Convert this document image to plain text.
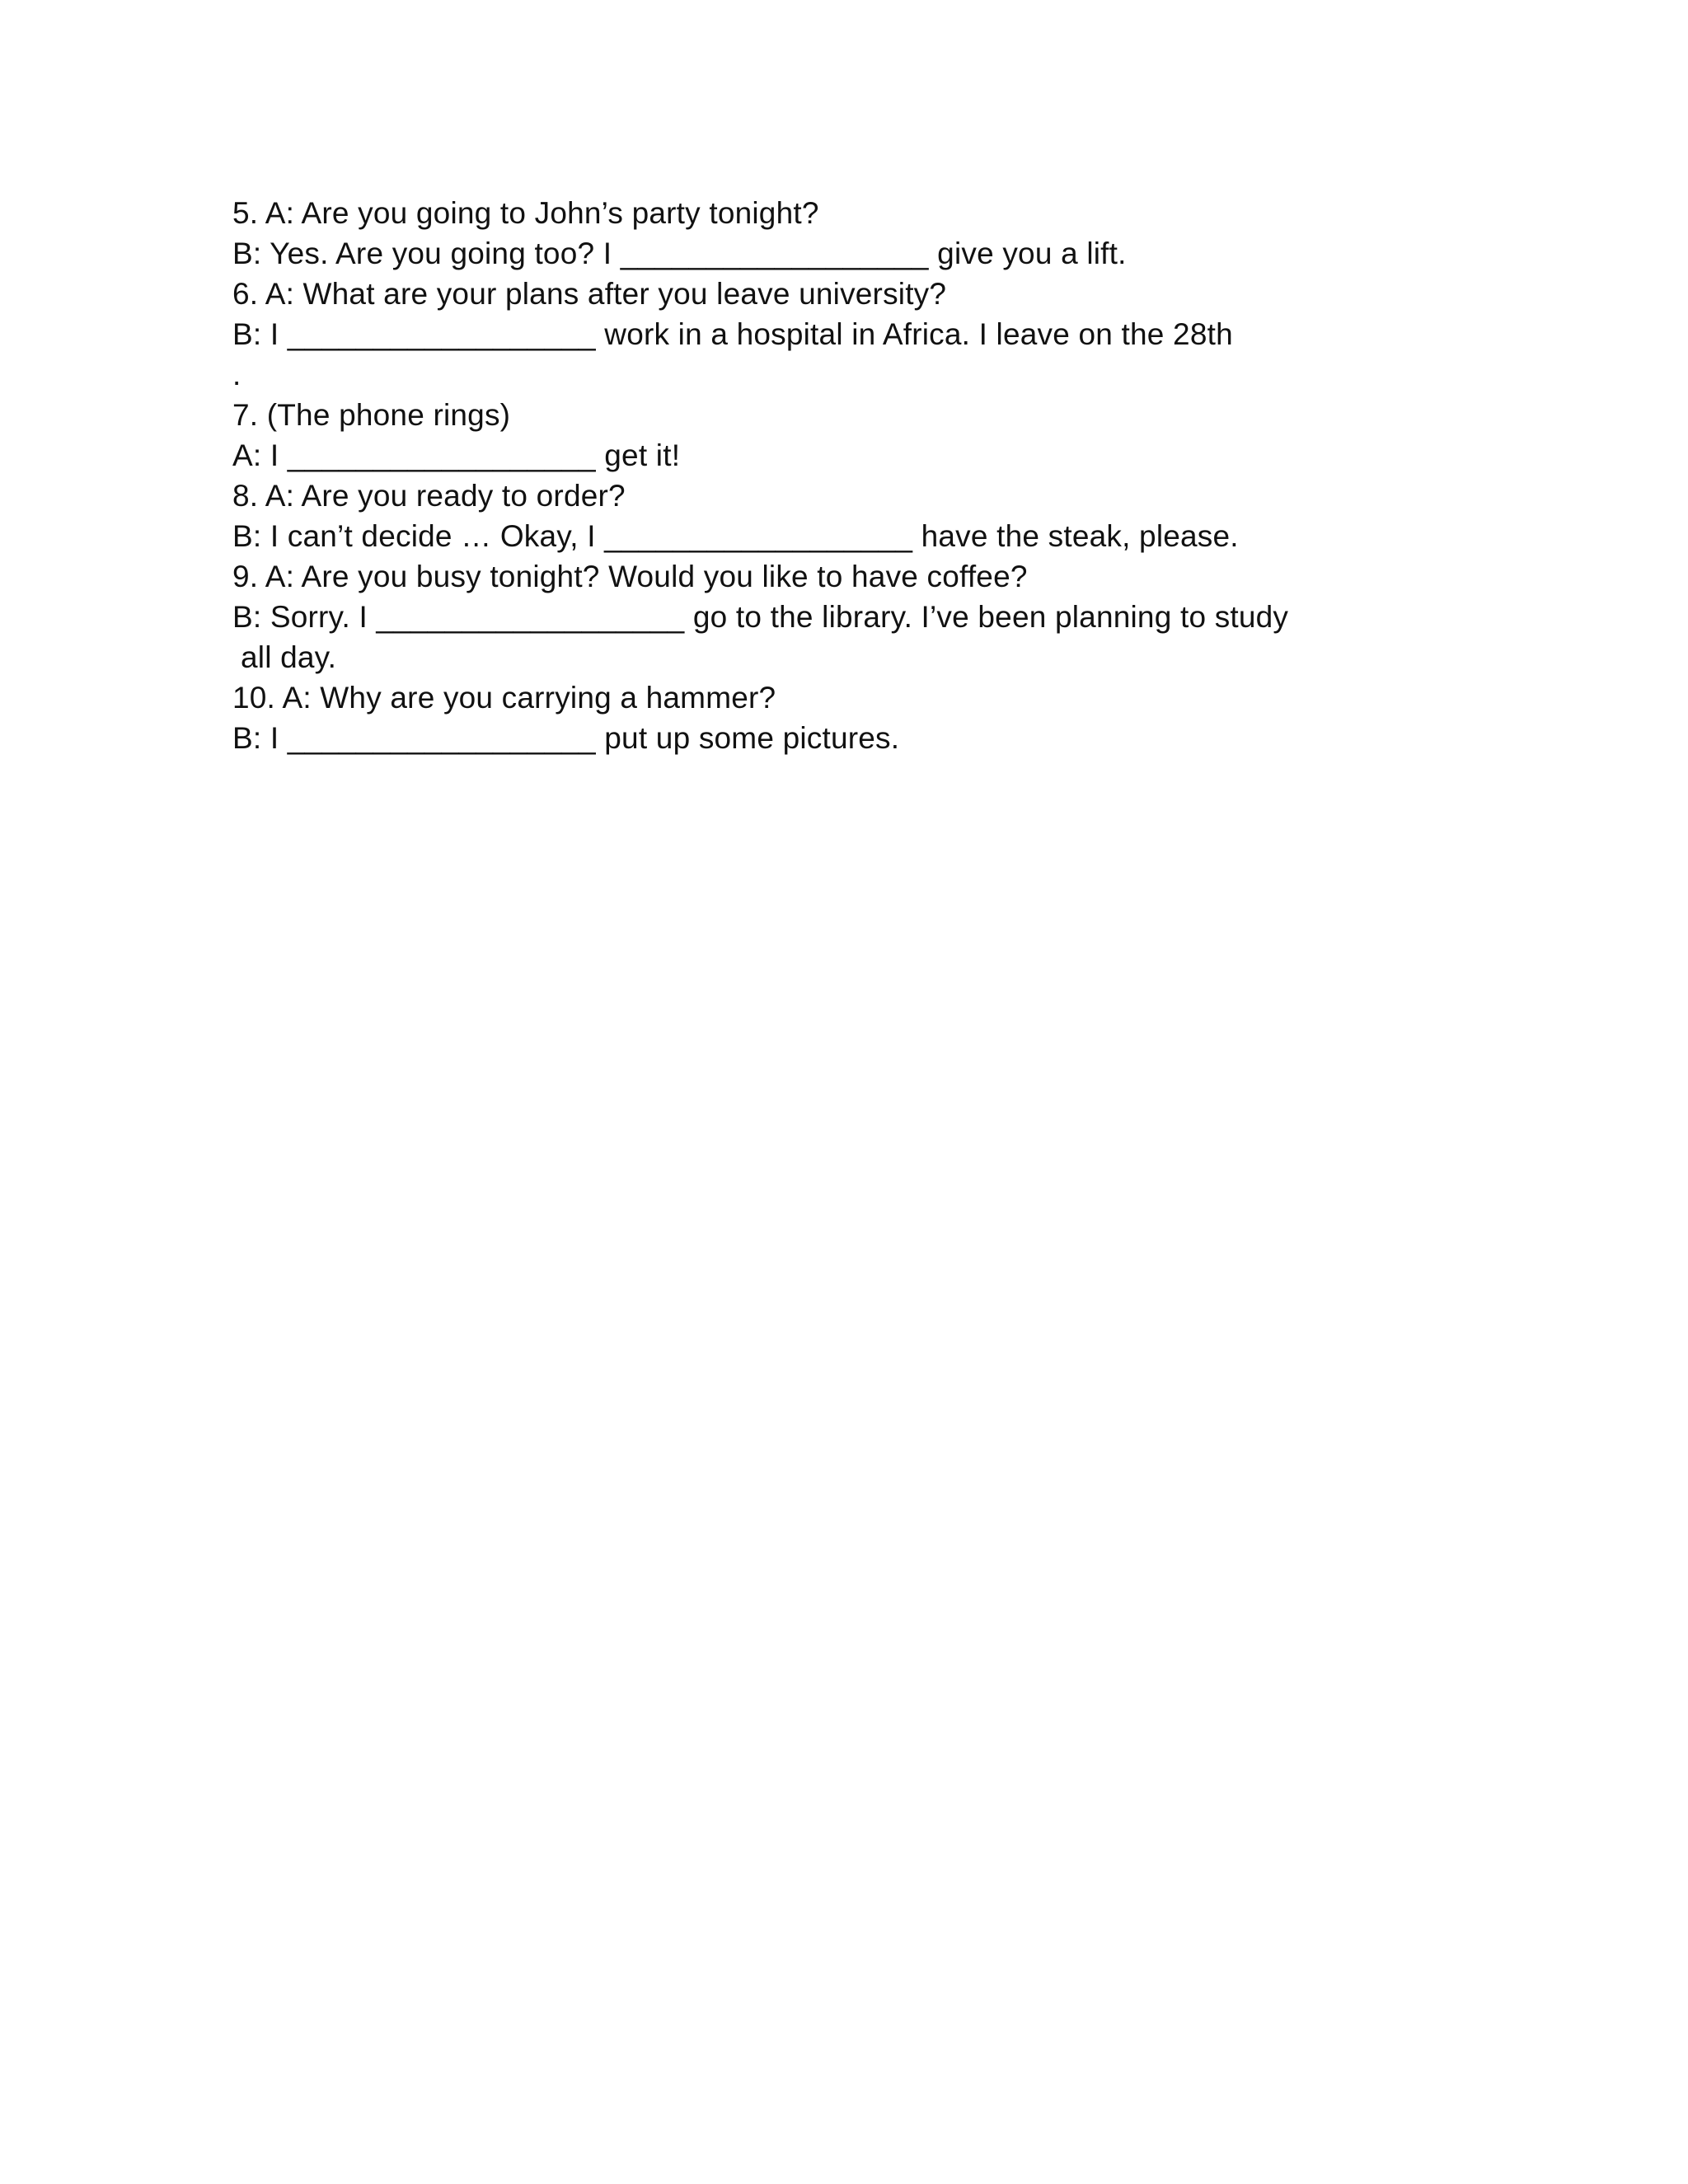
5. A: Are you going to John’s party tonight?
B: Yes. Are you going too? I __________________ give you a lift.
6. A: What are your plans after you leave university?
B: I __________________ work in a hospital in Africa. I leave on the 28th
.
7. (The phone rings)
A: I __________________ get it!
8. A: Are you ready to order?
B: I can’t decide … Okay, I __________________ have the steak, please.
9. A: Are you busy tonight? Would you like to have coffee?
B: Sorry. I __________________ go to the library. I’ve been planning to study
all day.
10. A: Why are you carrying a hammer?
B: I __________________ put up some pictures.
